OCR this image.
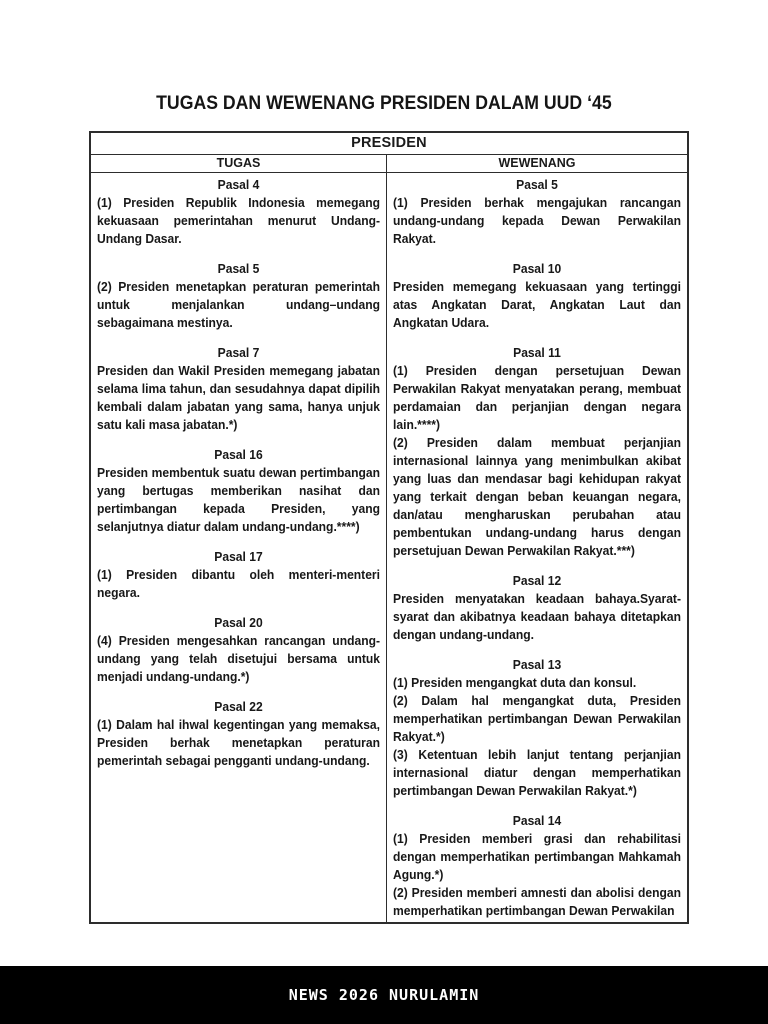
TUGAS DAN WEWENANG PRESIDEN DALAM UUD ‘45
PRESIDEN
TUGAS	WEWENANG
Pasal 4
(1) Presiden Republik Indonesia memegang kekuasaan pemerintahan menurut Undang-Undang Dasar.
Pasal 5
(2) Presiden menetapkan peraturan pemerintah untuk menjalankan undang–undang sebagaimana mestinya.
Pasal 7
Presiden dan Wakil Presiden memegang jabatan selama lima tahun, dan sesudahnya dapat dipilih kembali dalam jabatan yang sama, hanya unjuk satu kali masa jabatan.*)
Pasal 16
Presiden membentuk suatu dewan pertimbangan yang bertugas memberikan nasihat dan pertimbangan kepada Presiden, yang selanjutnya diatur dalam undang-undang.****)
Pasal 17
(1) Presiden dibantu oleh menteri-menteri negara.
Pasal 20
(4) Presiden mengesahkan rancangan undang-undang yang telah disetujui bersama untuk menjadi undang-undang.*)
Pasal 22
(1) Dalam hal ihwal kegentingan yang memaksa, Presiden berhak menetapkan peraturan pemerintah sebagai pengganti undang-undang.
Pasal 5
(1) Presiden berhak mengajukan rancangan undang-undang kepada Dewan Perwakilan Rakyat.
Pasal 10
Presiden memegang kekuasaan yang tertinggi atas Angkatan Darat, Angkatan Laut dan Angkatan Udara.
Pasal 11
(1) Presiden dengan persetujuan Dewan Perwakilan Rakyat menyatakan perang, membuat perdamaian dan perjanjian dengan negara lain.****)
(2) Presiden dalam membuat perjanjian internasional lainnya yang menimbulkan akibat yang luas dan mendasar bagi kehidupan rakyat yang terkait dengan beban keuangan negara, dan/atau mengharuskan perubahan atau pembentukan undang-undang harus dengan persetujuan Dewan Perwakilan Rakyat.***)
Pasal 12
Presiden menyatakan keadaan bahaya.Syarat-syarat dan akibatnya keadaan bahaya ditetapkan dengan undang-undang.
Pasal 13
(1) Presiden mengangkat duta dan konsul.
(2) Dalam hal mengangkat duta, Presiden memperhatikan pertimbangan Dewan Perwakilan Rakyat.*)
(3) Ketentuan lebih lanjut tentang perjanjian internasional diatur dengan memperhatikan pertimbangan Dewan Perwakilan Rakyat.*)
Pasal 14
(1) Presiden memberi grasi dan rehabilitasi dengan memperhatikan pertimbangan Mahkamah Agung.*)
(2) Presiden memberi amnesti dan abolisi dengan memperhatikan pertimbangan Dewan Perwakilan
NEWS 2026 NURULAMIN
